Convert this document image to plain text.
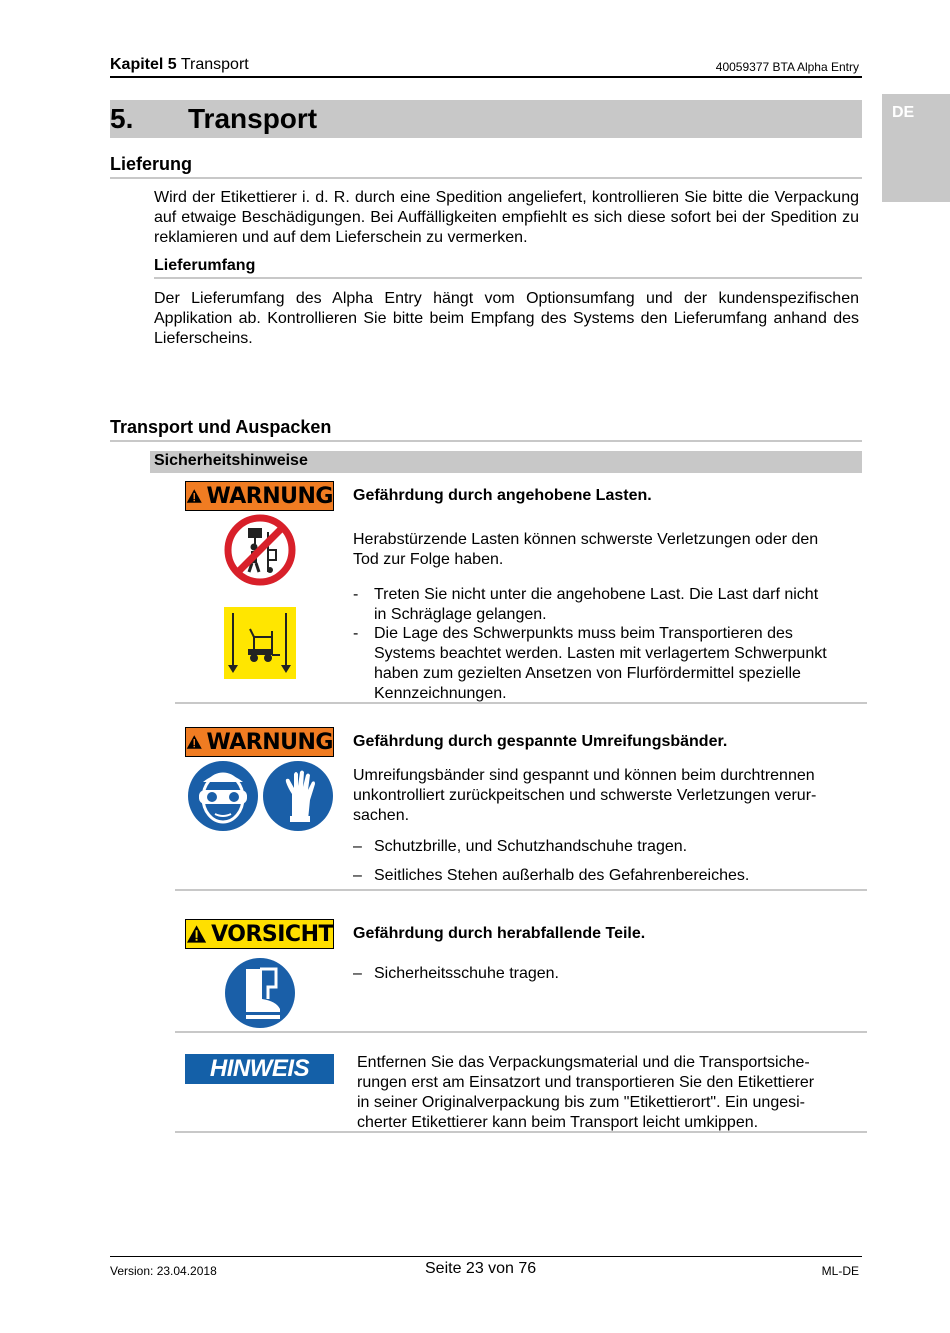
Kapitel 5 Transport	40059377 BTA Alpha Entry
DE
5. Transport
Lieferung
Wird der Etikettierer i. d. R. durch eine Spedition angeliefert, kontrollieren Sie bitte die Verpackung auf etwaige Beschädigungen. Bei Auffälligkeiten empfiehlt es sich diese sofort bei der Spedition zu reklamieren und auf dem Lieferschein zu vermerken.
Lieferumfang
Der Lieferumfang des Alpha Entry hängt vom Optionsumfang und der kundenspezifischen Applikation ab. Kontrollieren Sie bitte beim Empfang des Systems den Lieferumfang anhand des Lieferscheins.
Transport und Auspacken
Sicherheitshinweise
WARNUNG Gefährdung durch angehobene Lasten.
Herabstürzende Lasten können schwerste Verletzungen oder den
Tod zur Folge haben.
- Treten Sie nicht unter die angehobene Last. Die Last darf nicht
in Schräglage gelangen.
- Die Lage des Schwerpunkts muss beim Transportieren des
Systems beachtet werden. Lasten mit verlagertem Schwerpunkt
haben zum gezielten Ansetzen von Flurfördermittel spezielle
Kennzeichnungen.
WARNUNG Gefährdung durch gespannte Umreifungsbänder.
Umreifungsbänder sind gespannt und können beim durchtrennen
unkontrolliert zurückpeitschen und schwerste Verletzungen verur-
sachen.
– Schutzbrille, und Schutzhandschuhe tragen.
– Seitliches Stehen außerhalb des Gefahrenbereiches.
VORSICHT Gefährdung durch herabfallende Teile.
– Sicherheitsschuhe tragen.
HINWEIS	Entfernen Sie das Verpackungsmaterial und die Transportsiche-
rungen erst am Einsatzort und transportieren Sie den Etikettierer
in seiner Originalverpackung bis zum "Etikettierort". Ein ungesi-
cherter Etikettierer kann beim Transport leicht umkippen.
Version: 23.04.2018	Seite 23 von 76	ML-DE
